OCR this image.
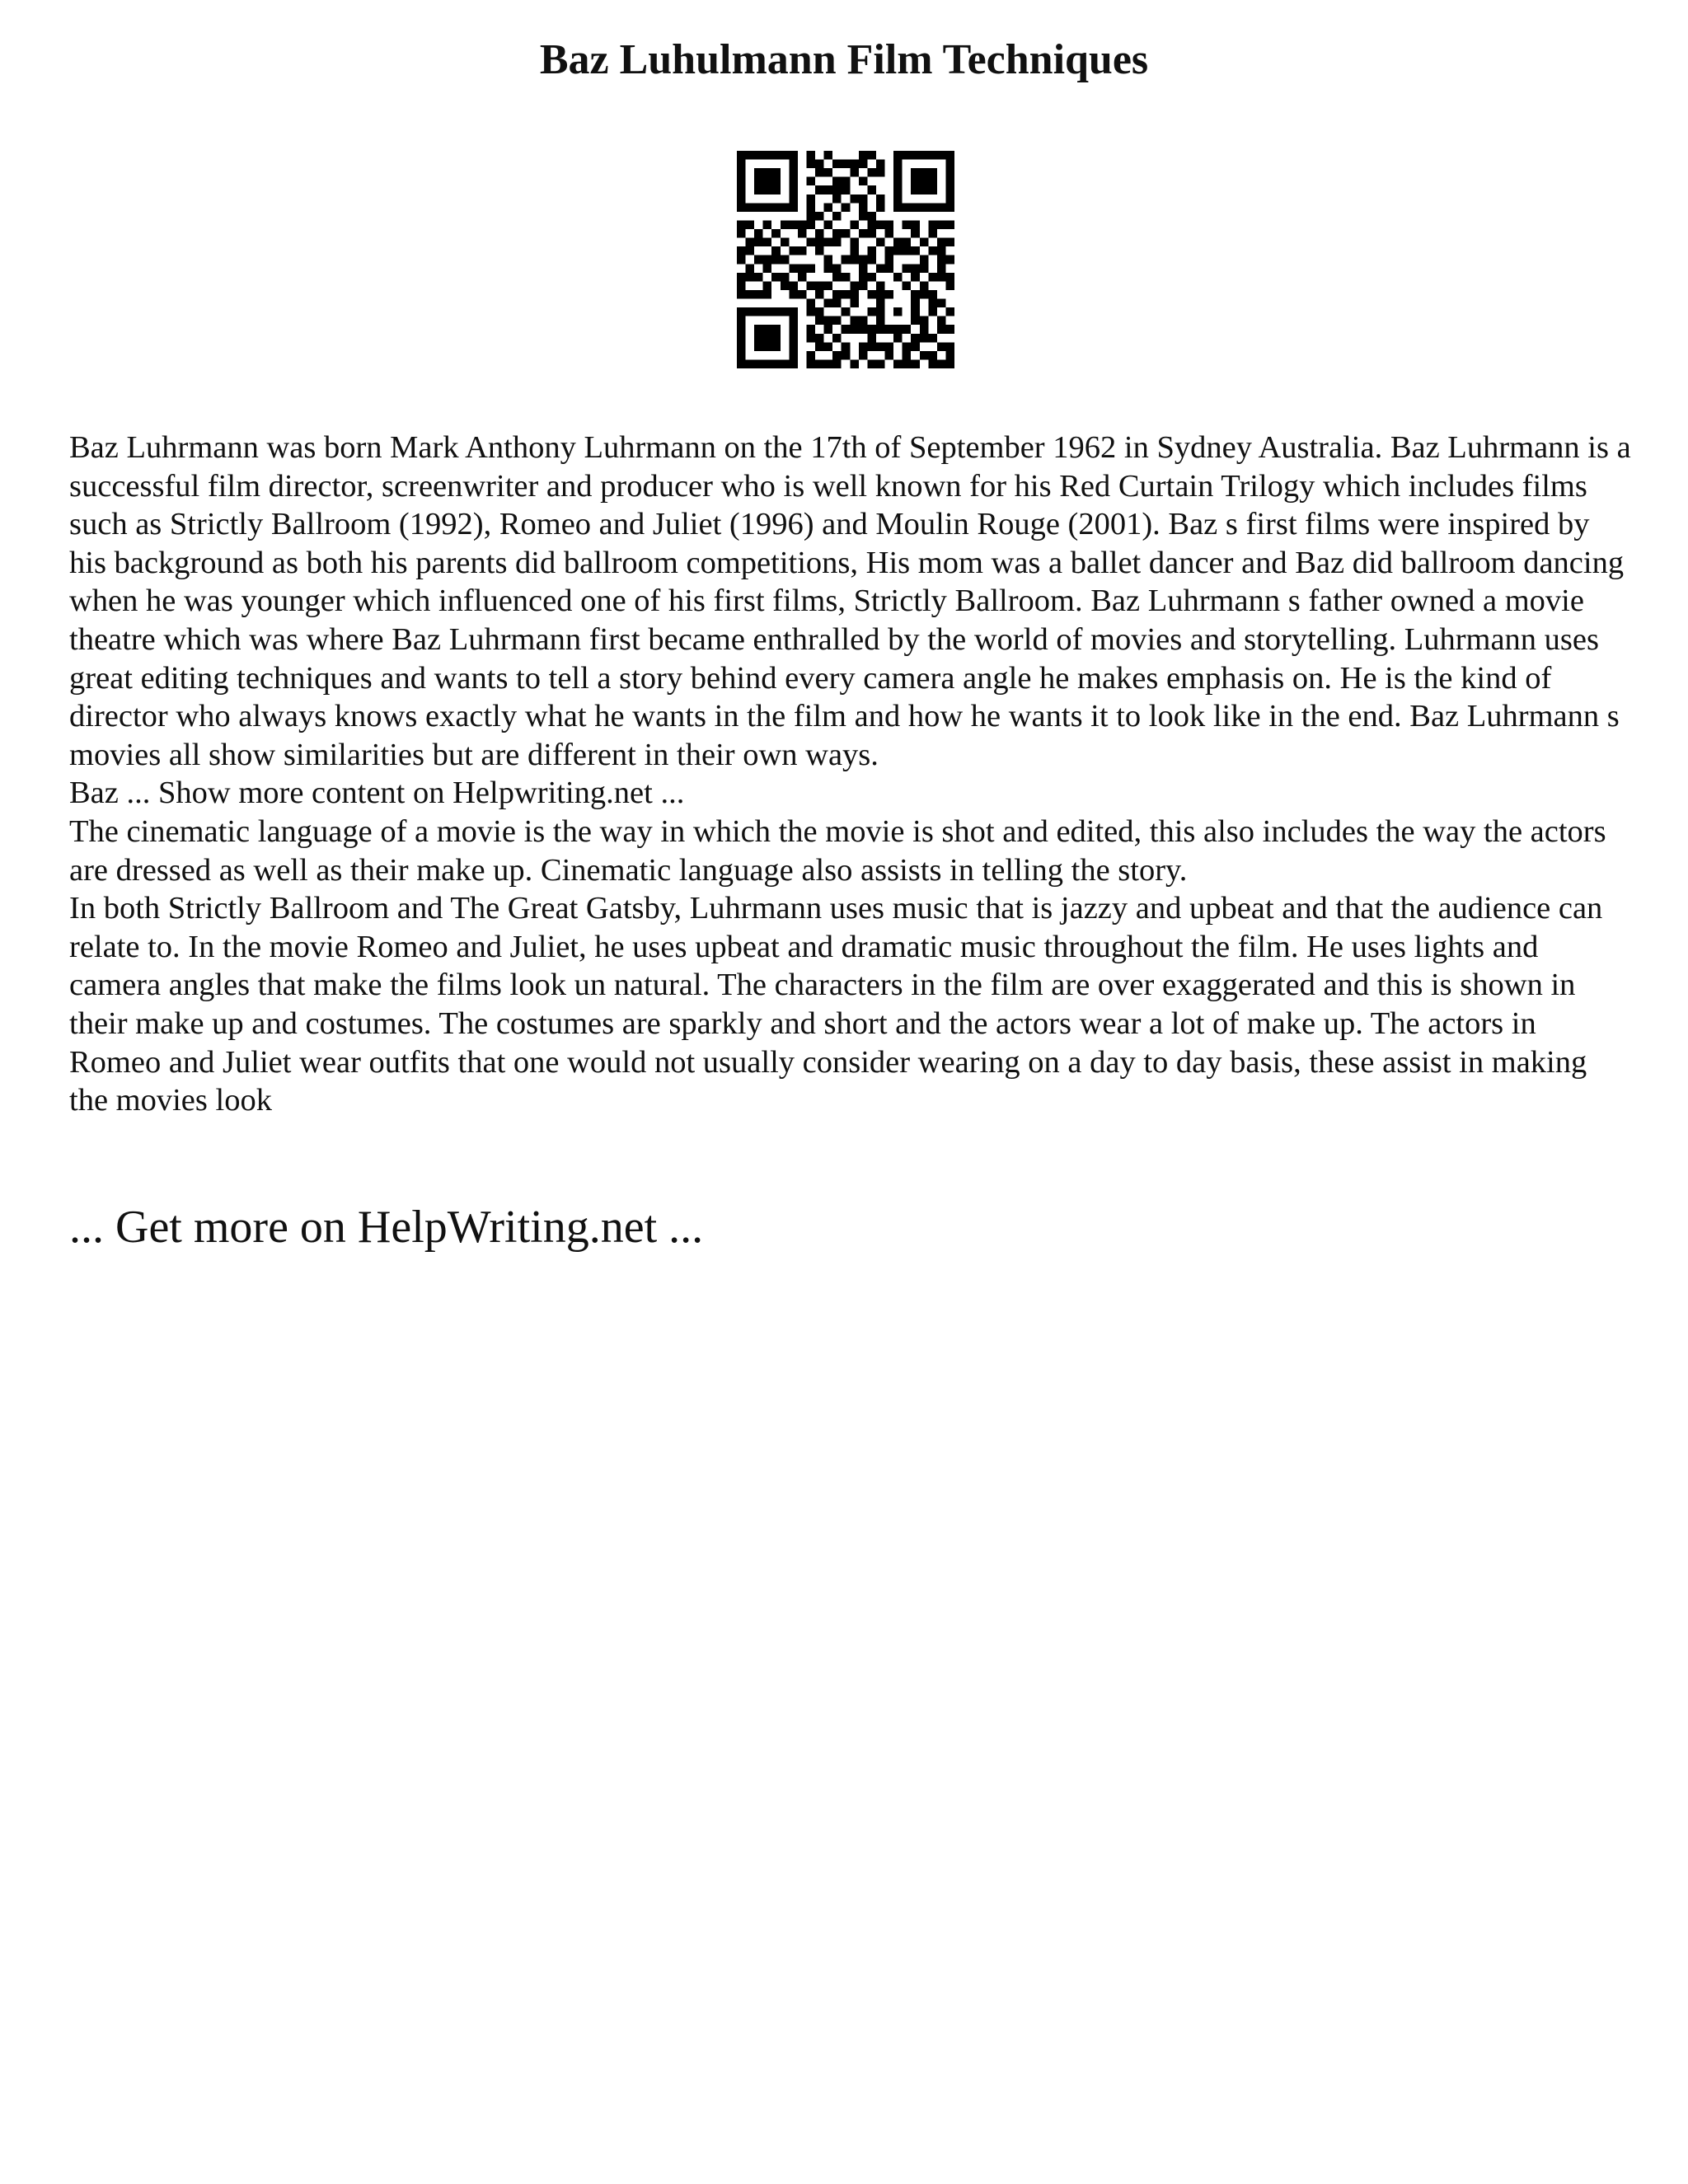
Baz Luhulmann Film Techniques

Baz Luhrmann was born Mark Anthony Luhrmann on the 17th of September 1962 in Sydney Australia. Baz Luhrmann is a successful film director, screenwriter and producer who is well known for his Red Curtain Trilogy which includes films such as Strictly Ballroom (1992), Romeo and Juliet (1996) and Moulin Rouge (2001). Baz s first films were inspired by his background as both his parents did ballroom competitions, His mom was a ballet dancer and Baz did ballroom dancing when he was younger which influenced one of his first films, Strictly Ballroom. Baz Luhrmann s father owned a movie theatre which was where Baz Luhrmann first became enthralled by the world of movies and storytelling. Luhrmann uses great editing techniques and wants to tell a story behind every camera angle he makes emphasis on. He is the kind of director who always knows exactly what he wants in the film and how he wants it to look like in the end. Baz Luhrmann s movies all show similarities but are different in their own ways.

Baz ... Show more content on Helpwriting.net ...

The cinematic language of a movie is the way in which the movie is shot and edited, this also includes the way the actors are dressed as well as their make up. Cinematic language also assists in telling the story.

In both Strictly Ballroom and The Great Gatsby, Luhrmann uses music that is jazzy and upbeat and that the audience can relate to. In the movie Romeo and Juliet, he uses upbeat and dramatic music throughout the film. He uses lights and camera angles that make the films look un natural. The characters in the film are over exaggerated and this is shown in their make up and costumes. The costumes are sparkly and short and the actors wear a lot of make up. The actors in Romeo and Juliet wear outfits that one would not usually consider wearing on a day to day basis, these assist in making the movies look

... Get more on HelpWriting.net ...
